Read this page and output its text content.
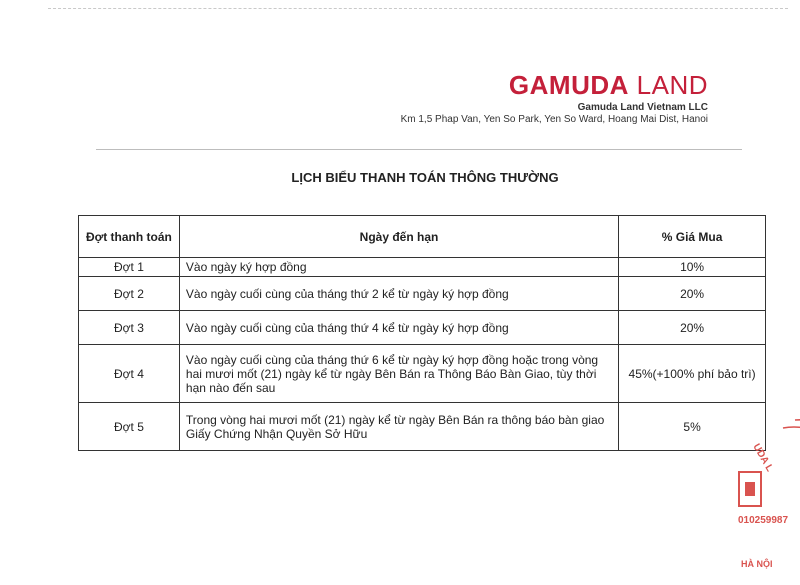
GAMUDA LAND
Gamuda Land Vietnam LLC
Km 1,5 Phap Van, Yen So Park, Yen So Ward, Hoang Mai Dist, Hanoi
LỊCH BIỂU THANH TOÁN THÔNG THƯỜNG
Đợt thanh toán	Ngày đến hạn	% Giá Mua
Đợt 1	Vào ngày ký hợp đồng	10%
Đợt 2	Vào ngày cuối cùng của tháng thứ 2 kể từ ngày ký hợp đồng	20%
Đợt 3	Vào ngày cuối cùng của tháng thứ 4 kể từ ngày ký hợp đồng	20%
Đợt 4	Vào ngày cuối cùng của tháng thứ 6 kể từ ngày ký hợp đồng hoặc trong vòng hai mươi mốt (21) ngày kể từ ngày Bên Bán ra Thông Báo Bàn Giao, tùy thời hạn nào đến sau	45%(+100% phí bảo trì)
Đợt 5	Trong vòng hai mươi mốt (21) ngày kể từ ngày Bên Bán ra thông báo bàn giao Giấy Chứng Nhận Quyền Sở Hữu	5%
UDA L
010259987
HÀ NỘI
